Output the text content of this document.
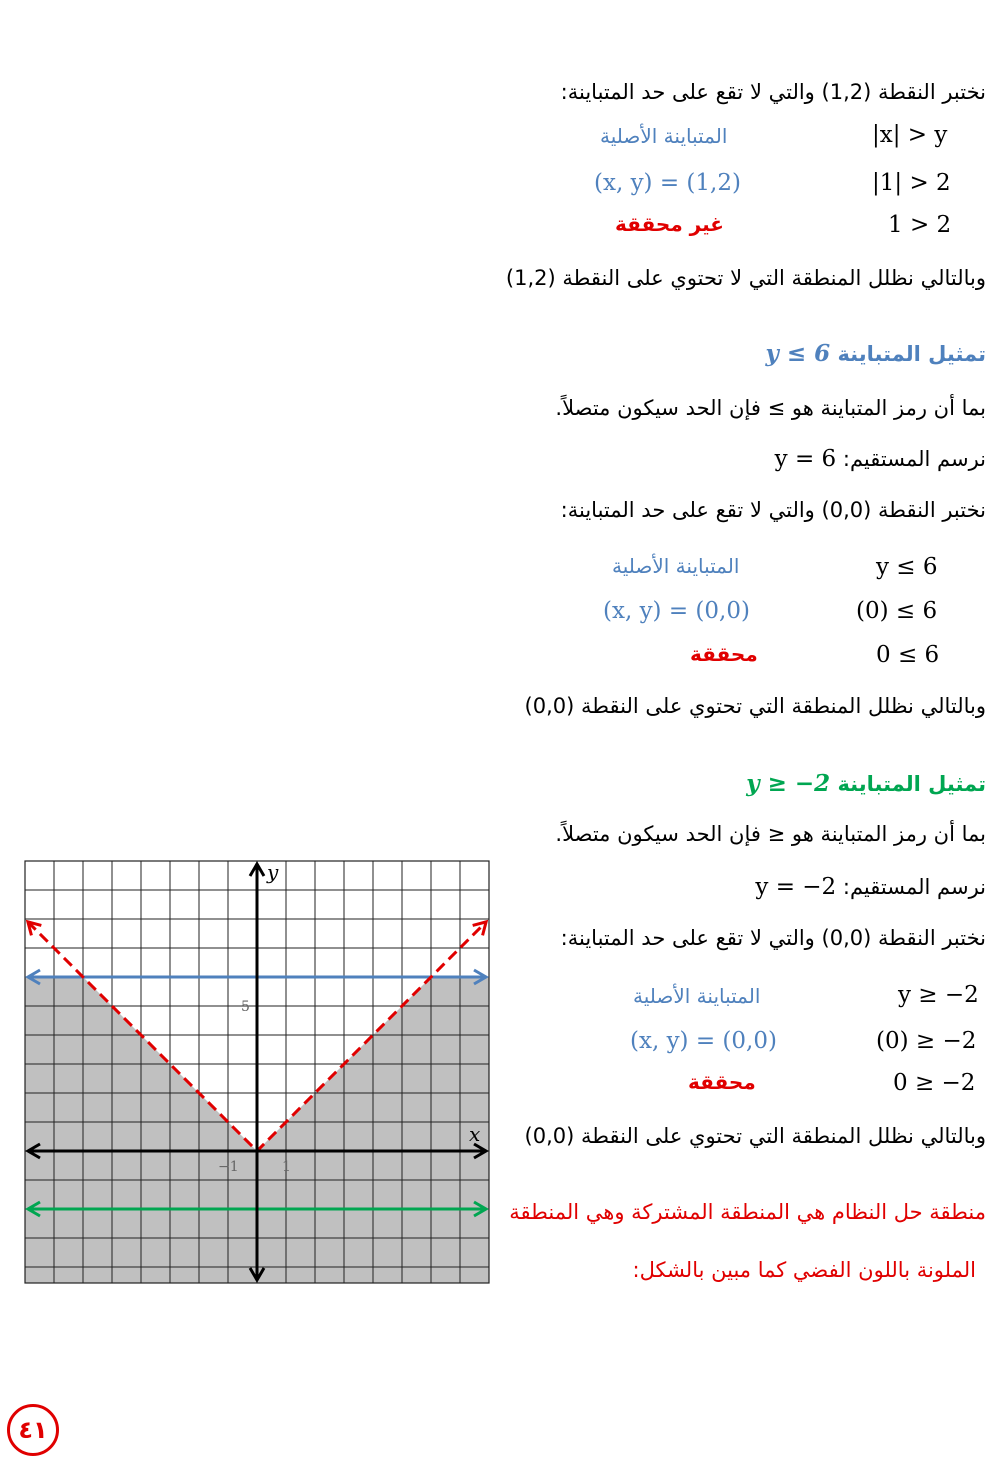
نختبر النقطة (1,2) والتي لا تقع على حد المتباينة:
المتباينة الأصلية	|x| > y
(x, y) = (1,2)	|1| > 2
غير محققة	1 > 2
وبالتالي نظلل المنطقة التي لا تحتوي على النقطة (1,2)
تمثيل المتباينة y ≤ 6
بما أن رمز المتباينة هو ≥ فإن الحد سيكون متصلاً.
نرسم المستقيم: y = 6
نختبر النقطة (0,0) والتي لا تقع على حد المتباينة:
المتباينة الأصلية	y ≤ 6
(x, y) = (0,0)	(0) ≤ 6
محققة	0 ≤ 6
وبالتالي نظلل المنطقة التي تحتوي على النقطة (0,0)
تمثيل المتباينة y ≥ −2
بما أن رمز المتباينة هو ≤ فإن الحد سيكون متصلاً.
نرسم المستقيم: y = −2
نختبر النقطة (0,0) والتي لا تقع على حد المتباينة:
المتباينة الأصلية	y ≥ −2
(x, y) = (0,0)	(0) ≥ −2
محققة	0 ≥ −2
وبالتالي نظلل المنطقة التي تحتوي على النقطة (0,0)
منطقة حل النظام هي المنطقة المشتركة وهي المنطقة
الملونة باللون الفضي كما مبين بالشكل:
x
y
−1	1
5
٤١
